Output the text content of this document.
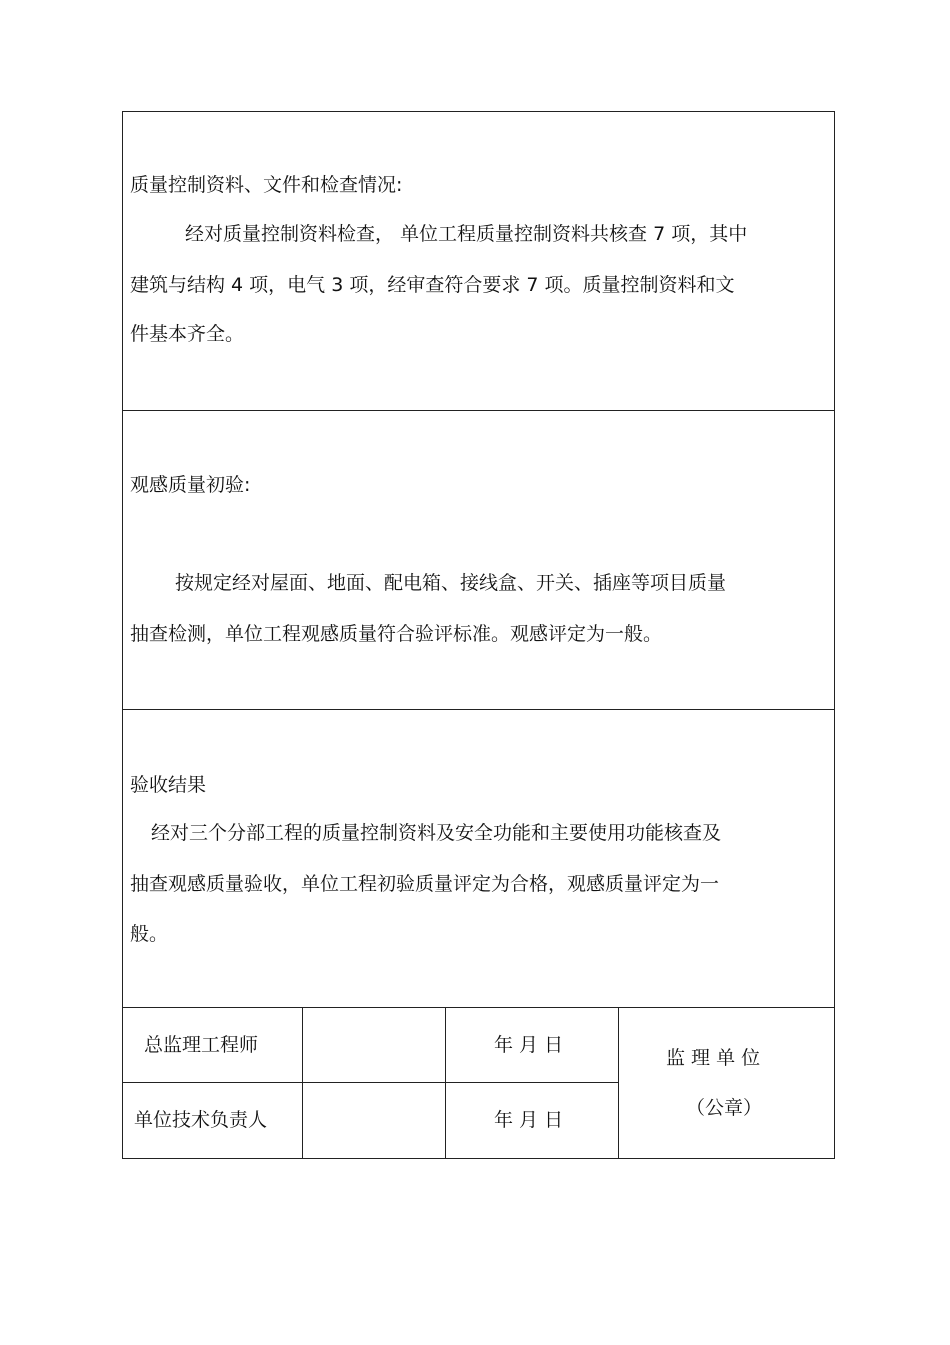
质量控制资料、文件和检查情况:
经对质量控制资料检查， 单位工程质量控制资料共核查 7 项，其中
建筑与结构 4 项，电气 3 项，经审查符合要求 7 项。质量控制资料和文
件基本齐全。
观感质量初验:
按规定经对屋面、地面、配电箱、接线盒、开关、插座等项目质量
抽查检测，单位工程观感质量符合验评标准。观感评定为一般。
验收结果
经对三个分部工程的质量控制资料及安全功能和主要使用功能核查及
抽查观感质量验收，单位工程初验质量评定为合格，观感质量评定为一
般。
总监理工程师	年 月 日
单位技术负责人	年 月 日
监 理 单 位
（公章）
